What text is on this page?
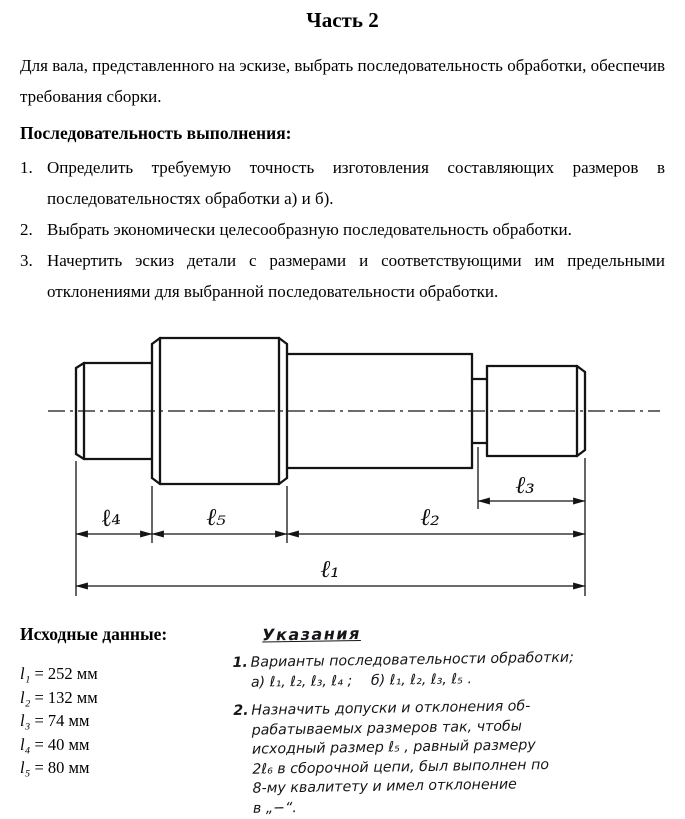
Часть 2

Для вала, представленного на эскизе, выбрать последовательность обработки, обеспечив требования сборки.

Последовательность выполнения:
1. Определить требуемую точность изготовления составляющих размеров в последовательностях обработки а) и б).
2. Выбрать экономически целесообразную последовательность обработки.
3. Начертить эскиз детали с размерами и соответствующими им предельными отклонениями для выбранной последовательности обработки.
ℓ₃
ℓ₄	ℓ₅	ℓ₂
ℓ₁
Исходные данные:
l₁ = 252 мм
l₂ = 132 мм
l₃ = 74 мм
l₄ = 40 мм
l₅ = 80 мм
Указания
1. Варианты последовательности обработки;
а) ℓ₁, ℓ₂, ℓ₃, ℓ₄ ;  б) ℓ₁, ℓ₂, ℓ₃, ℓ₅ .
2. Назначить допуски и отклонения об-
рабатываемых размеров так, чтобы
исходный размер ℓ₅ , равный размеру
2ℓ₆ в сборочной цепи, был выполнен по
8-му квалитету и имел отклонение
в „−“.
